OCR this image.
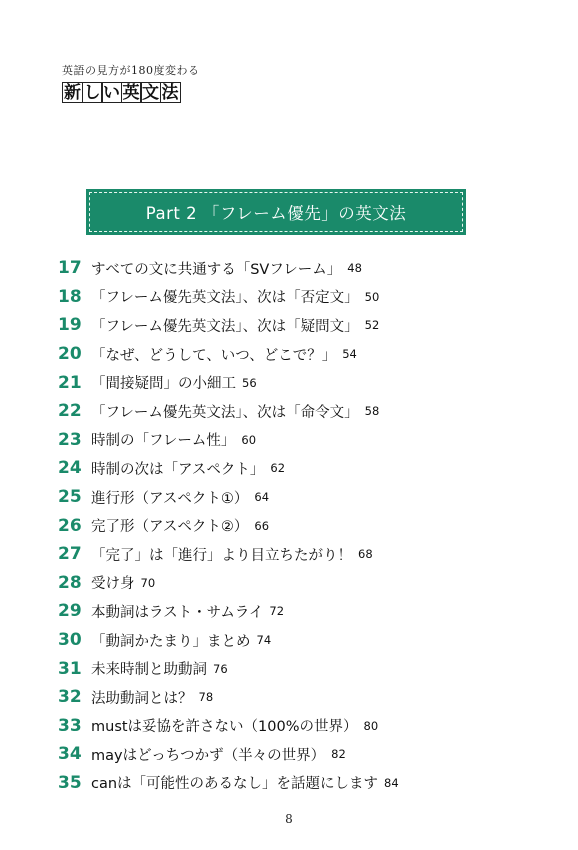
英語の見方が180度変わる
新 し い 英 文 法
Part 2 「フレーム優先」の英文法
17 すべての文に共通する「SVフレーム」 48
18 「フレーム優先英文法」、次は「否定文」 50
19 「フレーム優先英文法」、次は「疑問文」 52
20 「なぜ、どうして、いつ、どこで？」 54
21 「間接疑問」の小細工 56
22 「フレーム優先英文法」、次は「命令文」 58
23 時制の「フレーム性」 60
24 時制の次は「アスペクト」 62
25 進行形（アスペクト①） 64
26 完了形（アスペクト②） 66
27 「完了」は「進行」より目立ちたがり！ 68
28 受け身 70
29 本動詞はラスト・サムライ 72
30 「動詞かたまり」まとめ 74
31 未来時制と助動詞 76
32 法助動詞とは？ 78
33 mustは妥協を許さない（100%の世界） 80
34 mayはどっちつかず（半々の世界） 82
35 canは「可能性のあるなし」を話題にします 84
8
